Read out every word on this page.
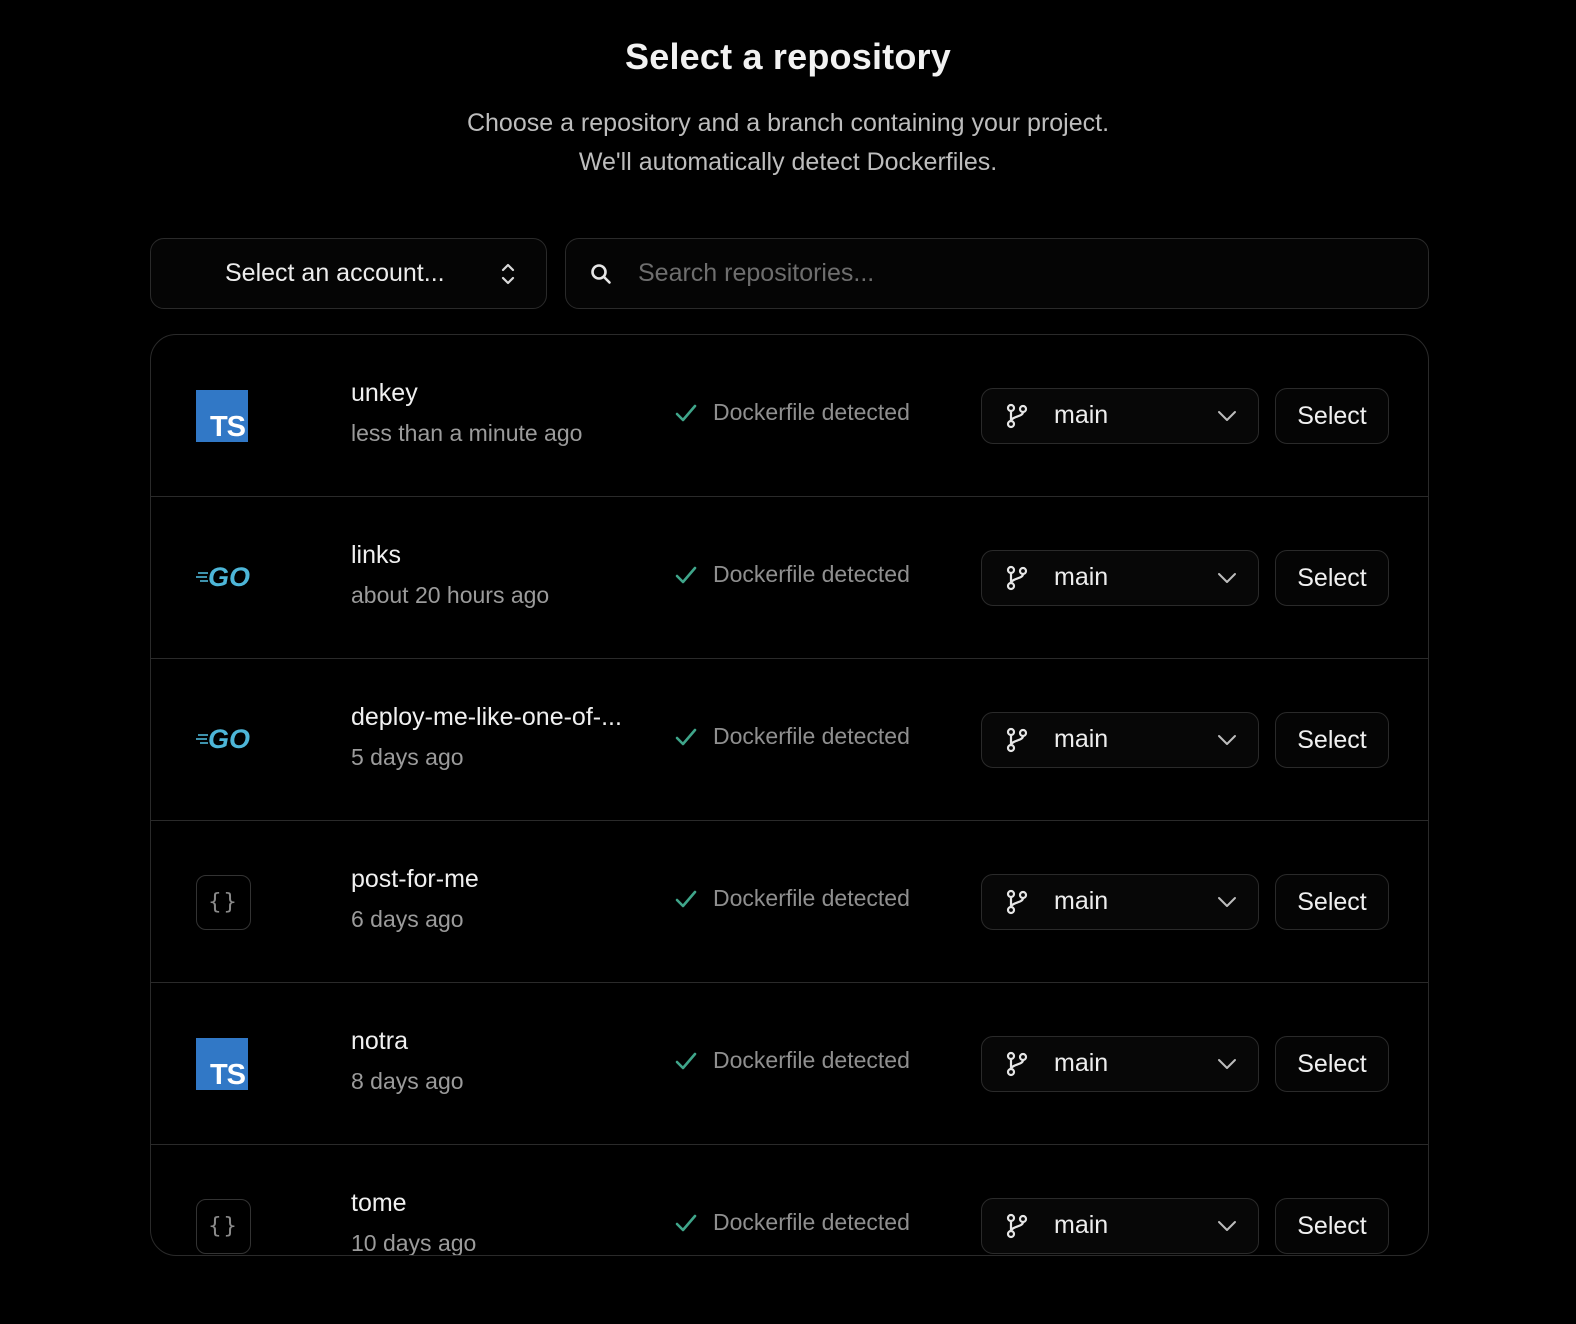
Select a repository
Choose a repository and a branch containing your project.
We'll automatically detect Dockerfiles.
Select an account...
Search repositories...
TS
unkey
less than a minute ago
Dockerfile detected	main	Select
GO
links
about 20 hours ago
Dockerfile detected	main	Select
GO
deploy-me-like-one-of-...
5 days ago
Dockerfile detected	main	Select
{}
post-for-me
6 days ago
Dockerfile detected	main	Select
TS
notra
8 days ago
Dockerfile detected	main	Select
{}
tome
10 days ago
Dockerfile detected	main	Select
